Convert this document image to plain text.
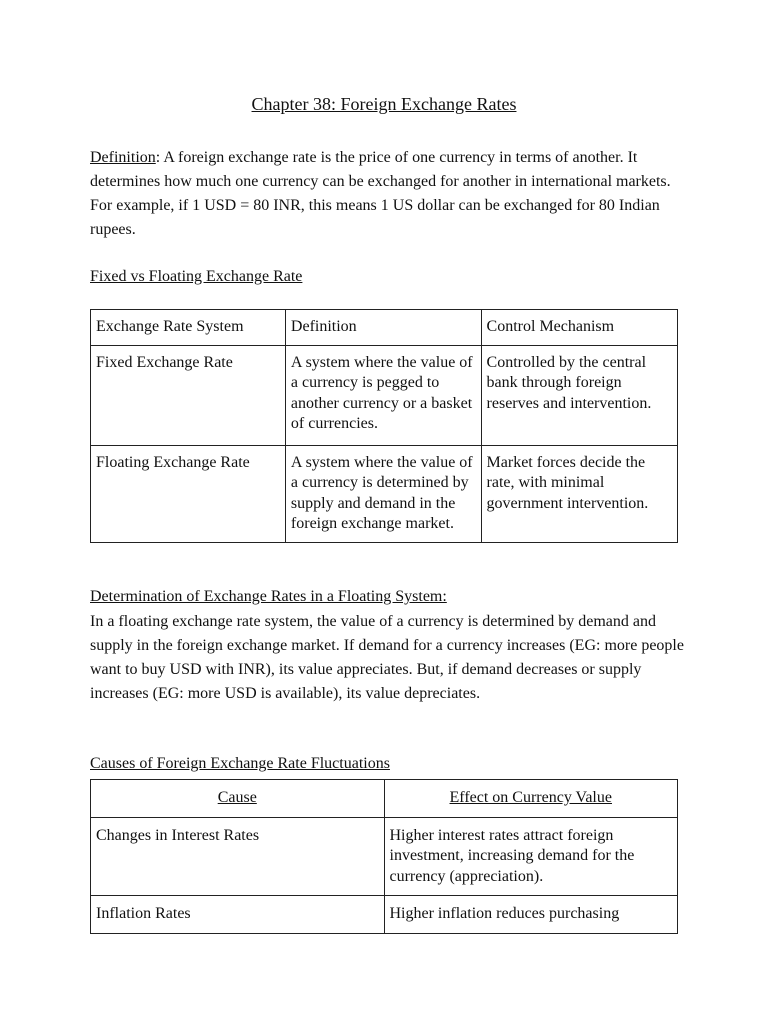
Chapter 38: Foreign Exchange Rates

Definition: A foreign exchange rate is the price of one currency in terms of another. It determines how much one currency can be exchanged for another in international markets. For example, if 1 USD = 80 INR, this means 1 US dollar can be exchanged for 80 Indian rupees.

Fixed vs Floating Exchange Rate
Exchange Rate System	Definition	Control Mechanism
Fixed Exchange Rate	A system where the value of a currency is pegged to another currency or a basket of currencies.	Controlled by the central bank through foreign reserves and intervention.
Floating Exchange Rate	A system where the value of a currency is determined by supply and demand in the foreign exchange market.	Market forces decide the rate, with minimal government intervention.
Determination of Exchange Rates in a Floating System:

In a floating exchange rate system, the value of a currency is determined by demand and supply in the foreign exchange market. If demand for a currency increases (EG: more people want to buy USD with INR), its value appreciates. But, if demand decreases or supply increases (EG: more USD is available), its value depreciates.

Causes of Foreign Exchange Rate Fluctuations
Cause	Effect on Currency Value
Changes in Interest Rates	Higher interest rates attract foreign investment, increasing demand for the currency (appreciation).
Inflation Rates	Higher inflation reduces purchasing
